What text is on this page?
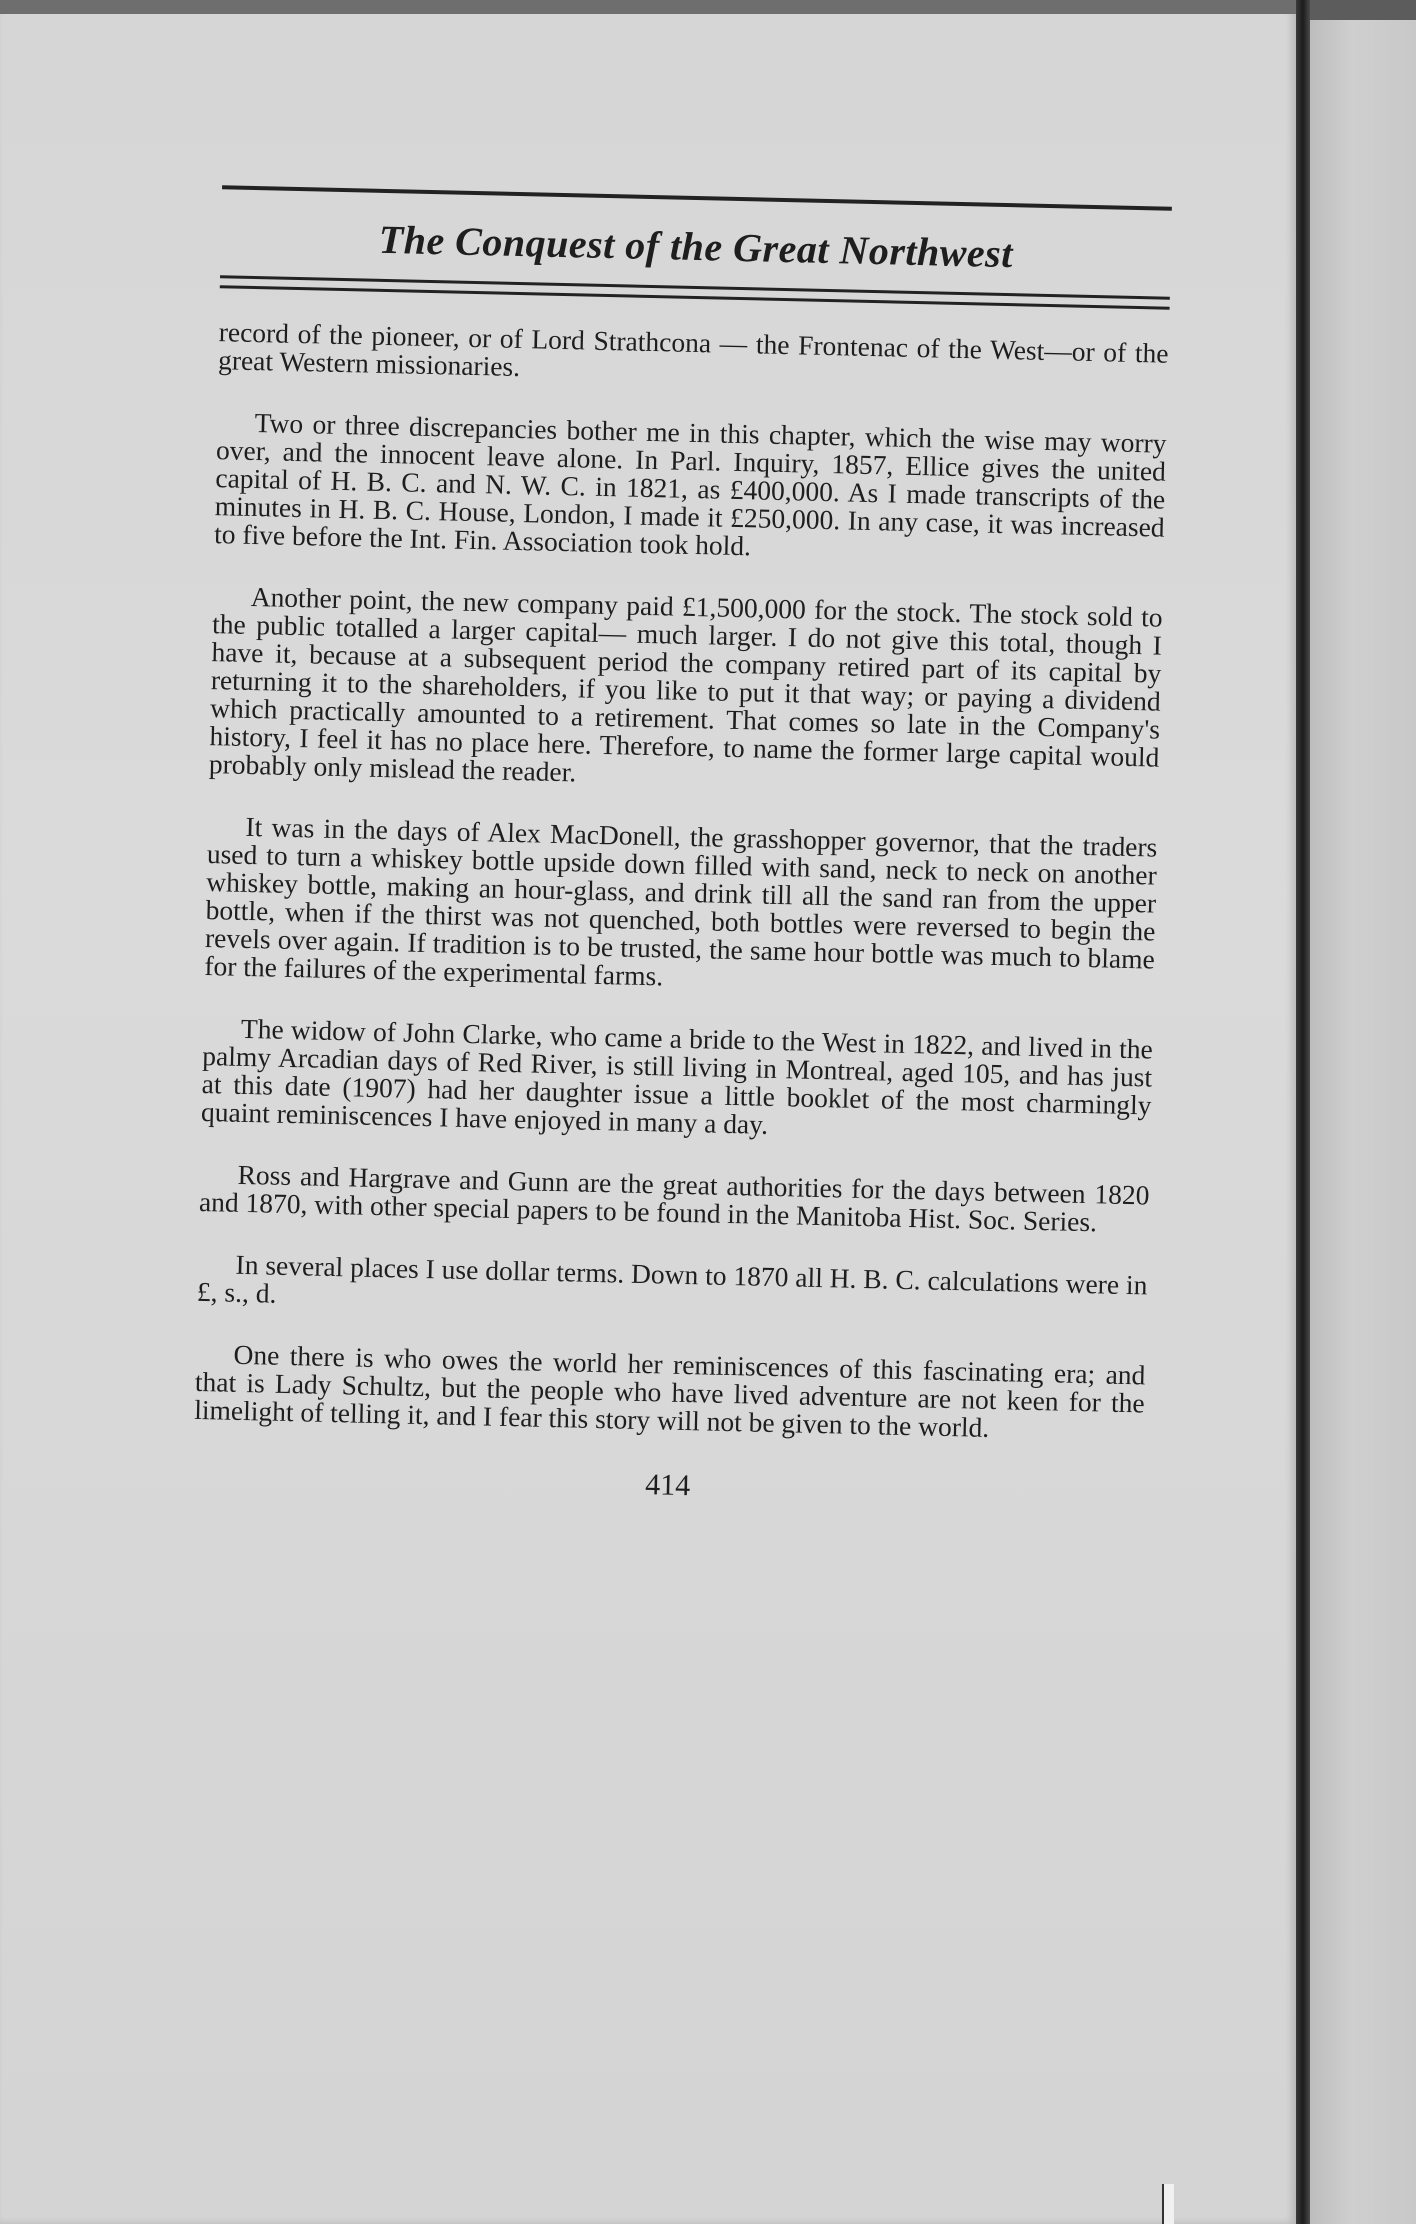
The Conquest of the Great Northwest

record of the pioneer, or of Lord Strathcona — the Frontenac of the West—or of the great Western missionaries.

Two or three discrepancies bother me in this chapter, which the wise may worry over, and the innocent leave alone. In Parl. Inquiry, 1857, Ellice gives the united capital of H. B. C. and N. W. C. in 1821, as £400,000. As I made transcripts of the minutes in H. B. C. House, London, I made it £250,000. In any case, it was increased to five before the Int. Fin. Association took hold.

Another point, the new company paid £1,500,000 for the stock. The stock sold to the public totalled a larger capital— much larger. I do not give this total, though I have it, because at a subsequent period the company retired part of its capital by returning it to the shareholders, if you like to put it that way; or paying a dividend which practically amounted to a retirement. That comes so late in the Company's history, I feel it has no place here. Therefore, to name the former large capital would probably only mislead the reader.

It was in the days of Alex MacDonell, the grasshopper governor, that the traders used to turn a whiskey bottle upside down filled with sand, neck to neck on another whiskey bottle, making an hour-glass, and drink till all the sand ran from the upper bottle, when if the thirst was not quenched, both bottles were reversed to begin the revels over again. If tradition is to be trusted, the same hour bottle was much to blame for the failures of the experimental farms.

The widow of John Clarke, who came a bride to the West in 1822, and lived in the palmy Arcadian days of Red River, is still living in Montreal, aged 105, and has just at this date (1907) had her daughter issue a little booklet of the most charmingly quaint reminiscences I have enjoyed in many a day.

Ross and Hargrave and Gunn are the great authorities for the days between 1820 and 1870, with other special papers to be found in the Manitoba Hist. Soc. Series.

In several places I use dollar terms. Down to 1870 all H. B. C. calculations were in £, s., d.

One there is who owes the world her reminiscences of this fascinating era; and that is Lady Schultz, but the people who have lived adventure are not keen for the limelight of telling it, and I fear this story will not be given to the world.

414
